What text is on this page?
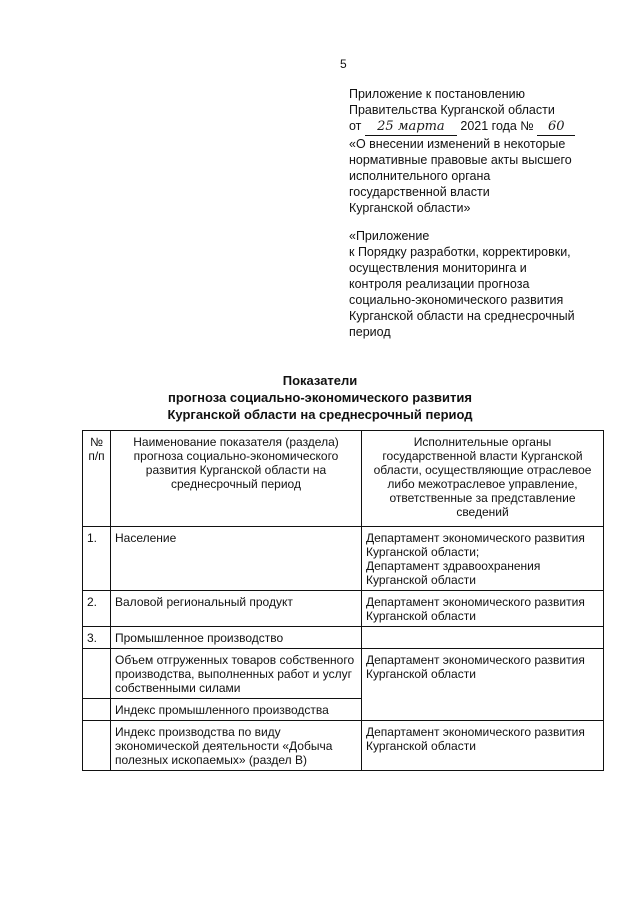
5
Приложение к постановлению
Правительства Курганской области
от 25 марта 2021 года № 60
«О внесении изменений в некоторые
нормативные правовые акты высшего
исполнительного органа
государственной власти
Курганской области»
«Приложение
к Порядку разработки, корректировки,
осуществления мониторинга и
контроля реализации прогноза
социально-экономического развития
Курганской области на среднесрочный
период
Показатели
прогноза социально-экономического развития
Курганской области на среднесрочный период
№ п/п	Наименование показателя (раздела) прогноза социально-экономического развития Курганской области на среднесрочный период	Исполнительные органы государственной власти Курганской области, осуществляющие отраслевое либо межотраслевое управление, ответственные за представление сведений
1.	Население	Департамент экономического развития Курганской области;
Департамент здравоохранения Курганской области

2.	Валовой региональный продукт	Департамент экономического развития Курганской области

3.	Промышленное производство	
	Объем отгруженных товаров собственного производства, выполненных работ и услуг собственными силами	Департамент экономического развития Курганской области

	Индекс промышленного производства	
	Индекс производства по виду экономической деятельности «Добыча полезных ископаемых» (раздел B)	Департамент экономического развития Курганской области
